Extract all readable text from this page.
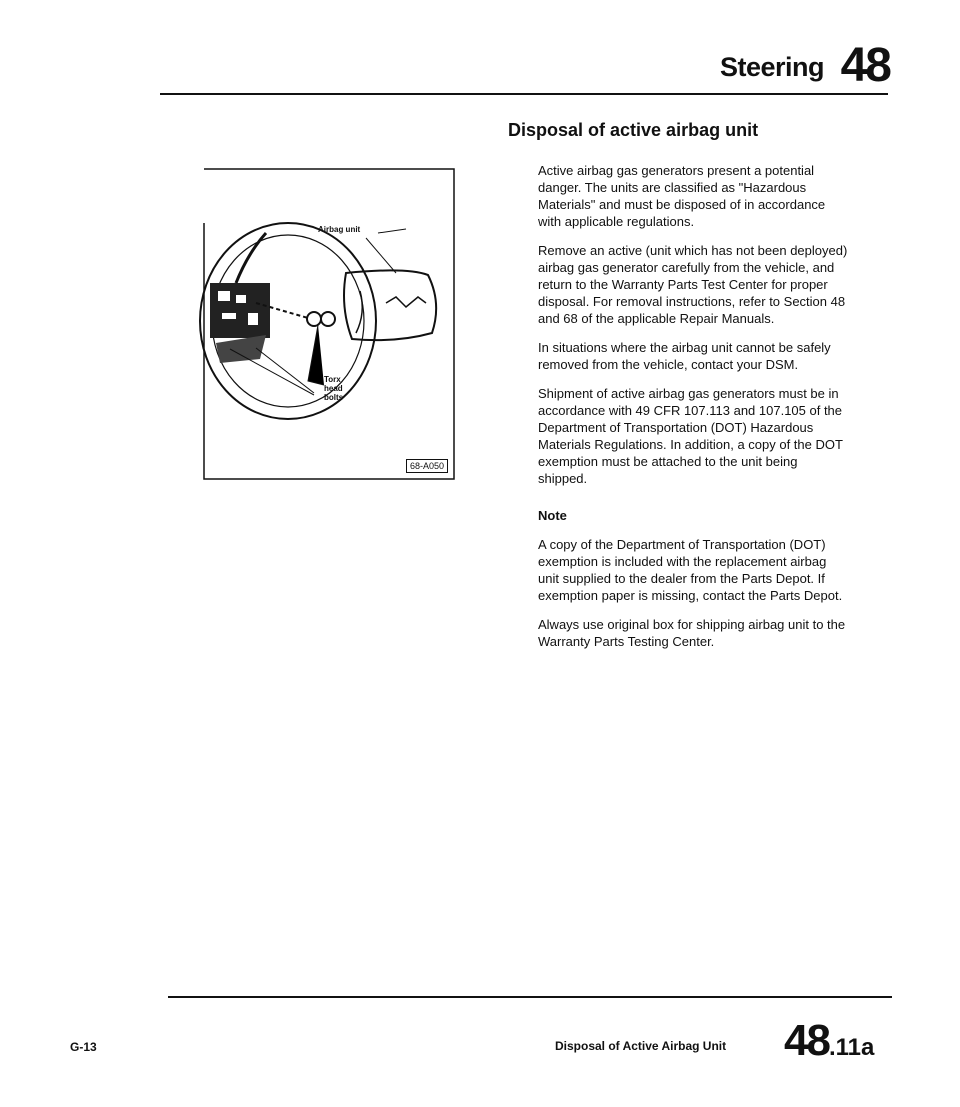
Steering 48
Airbag unit
Torx
head
bolts
68-A050
Disposal of active airbag unit

Active airbag gas generators present a potential danger. The units are classified as "Hazardous Materials" and must be disposed of in accordance with applicable regulations.

Remove an active (unit which has not been deployed) airbag gas generator carefully from the vehicle, and return to the Warranty Parts Test Center for proper disposal. For removal instructions, refer to Section 48 and 68 of the applicable Repair Manuals.

In situations where the airbag unit cannot be safely removed from the vehicle, contact your DSM.

Shipment of active airbag gas generators must be in accordance with 49 CFR 107.113 and 107.105 of the Department of Transportation (DOT) Hazardous Materials Regulations. In addition, a copy of the DOT exemption must be attached to the unit being shipped.

Note

A copy of the Department of Transportation (DOT) exemption is included with the replacement airbag unit supplied to the dealer from the Parts Depot. If exemption paper is missing, contact the Parts Depot.

Always use original box for shipping airbag unit to the Warranty Parts Testing Center.

G-13	Disposal of Active Airbag Unit 48.11a
